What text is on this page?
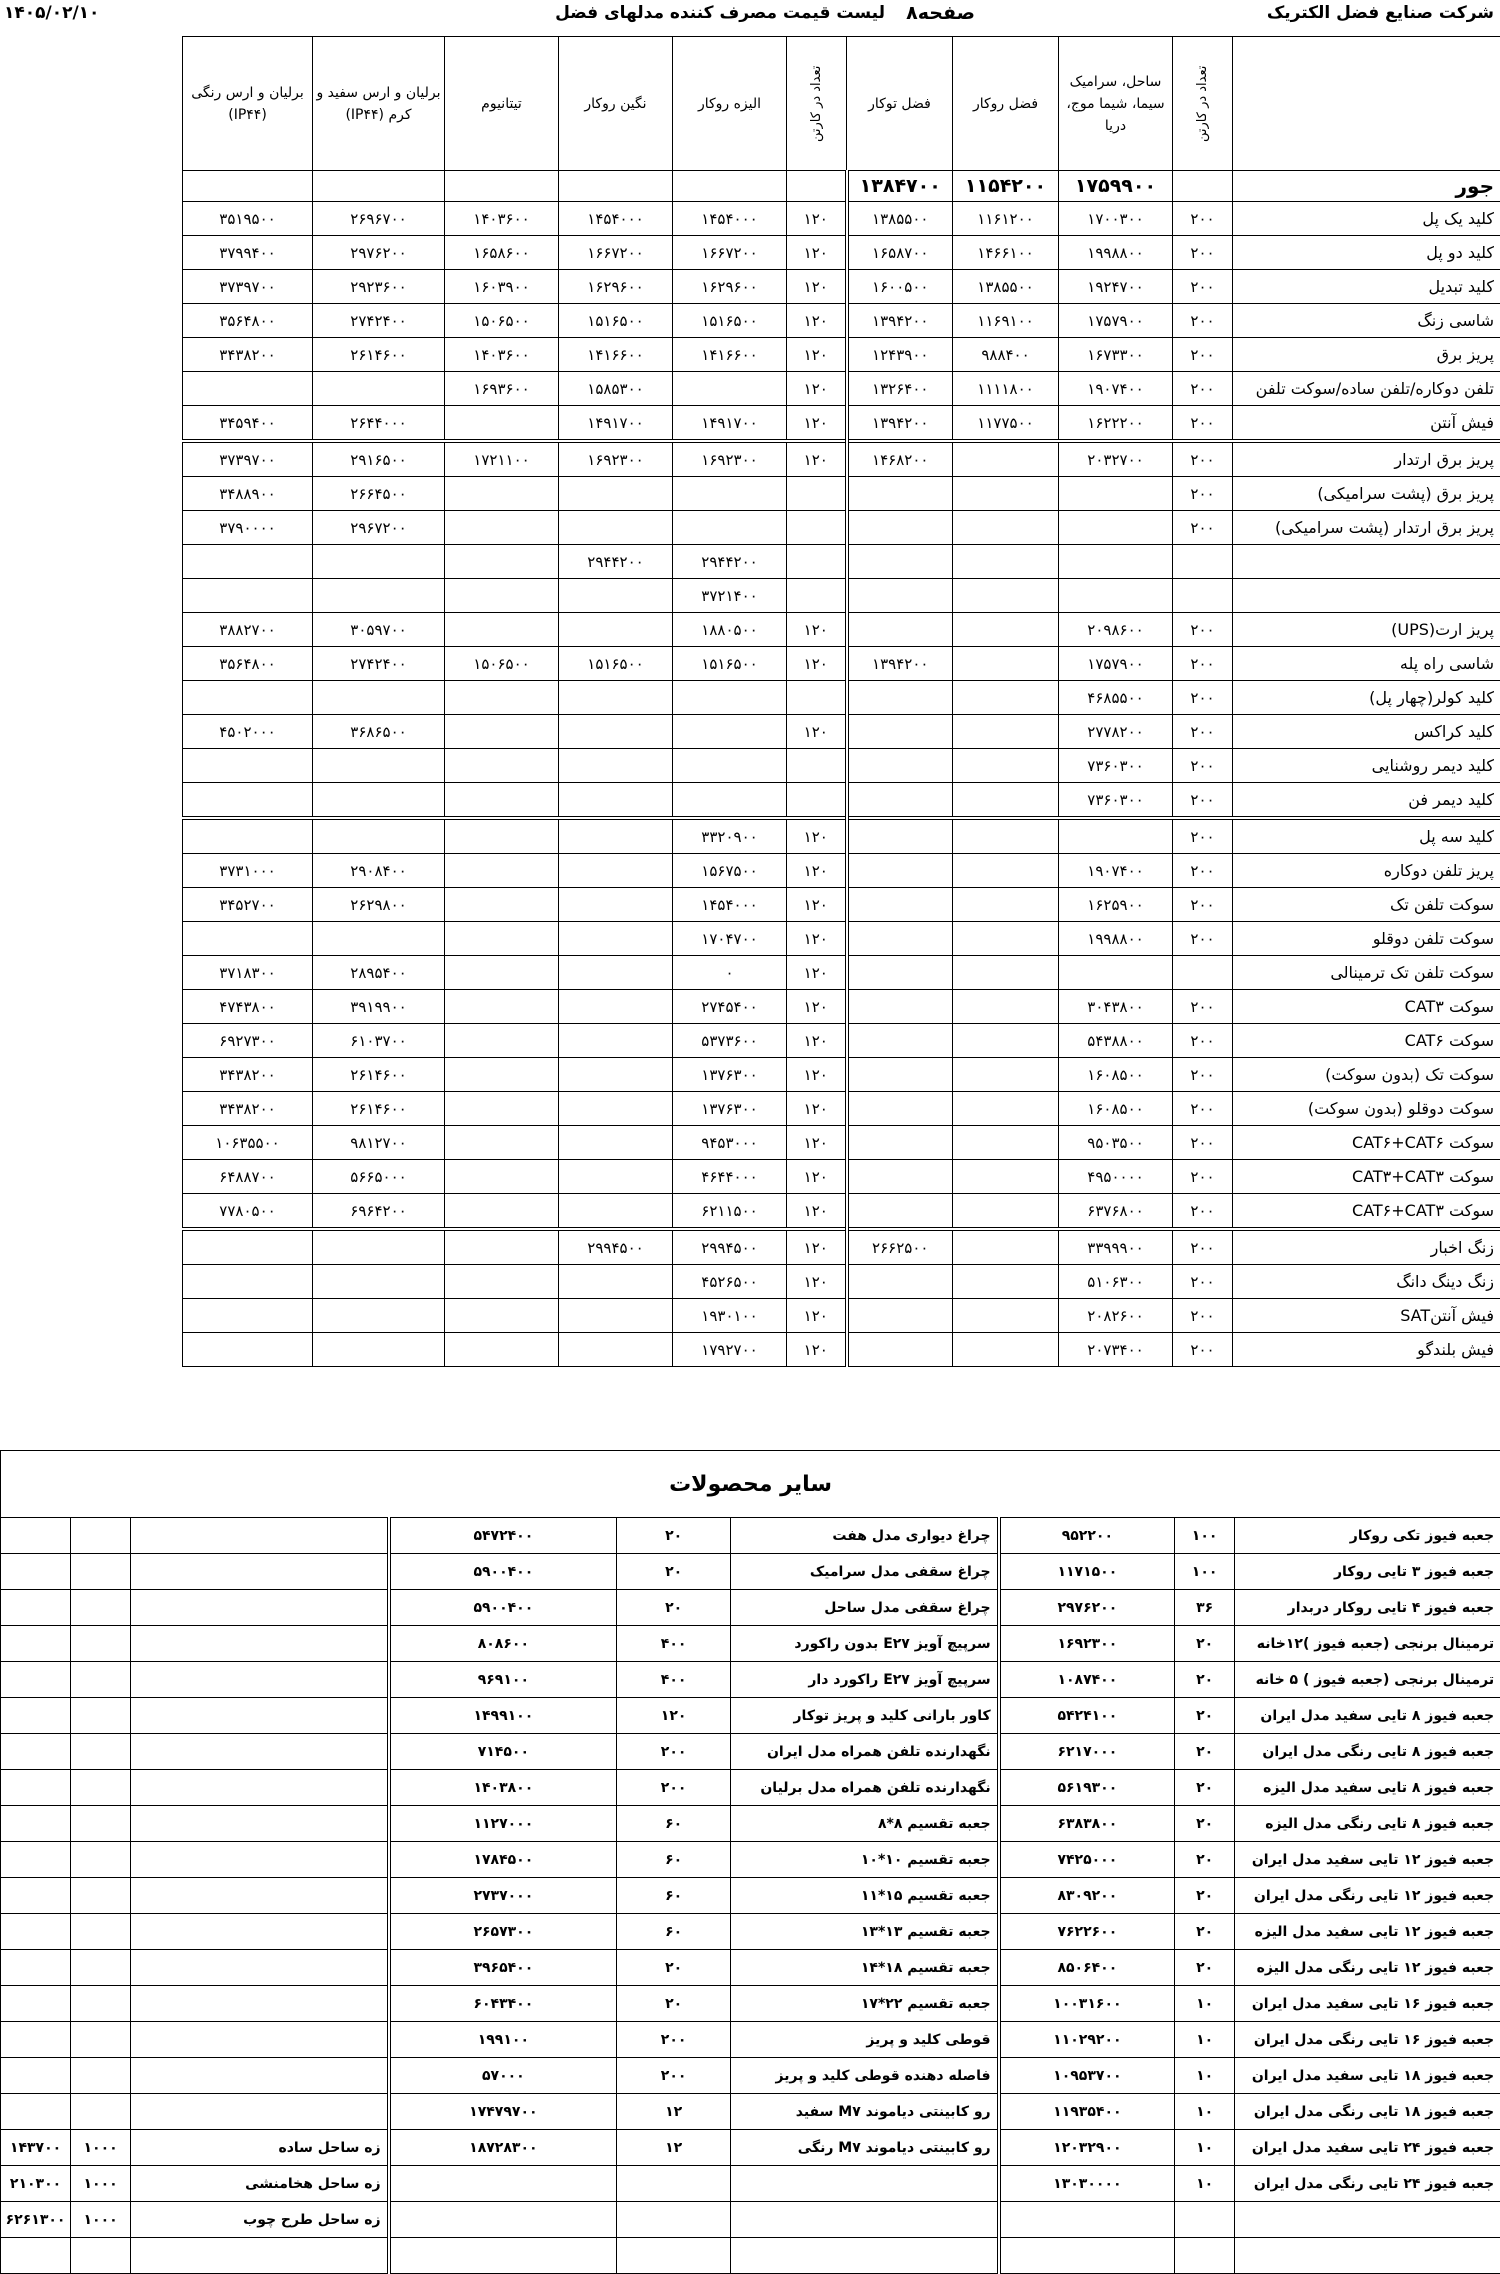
شرکت صنایع فضل الکتریک
صفحه۸
لیست قیمت مصرف کننده مدلهای فضل
۱۴۰۵/۰۲/۱۰
	تعداد در کارتن	ساحل، سرامیک سیما، شیما موج، دریا	فضل روکار	فضل توکار	تعداد در کارتن	الیزه روکار	نگین روکار	تیتانیوم	برلیان و ارس سفید و کرم (IP۴۴)	برلیان و ارس رنگی (IP۴۴)
جور		۱۷۵۹۹۰۰	۱۱۵۴۲۰۰	۱۳۸۴۷۰۰						
کلید یک پل	۲۰۰	۱۷۰۰۳۰۰	۱۱۶۱۲۰۰	۱۳۸۵۵۰۰	۱۲۰	۱۴۵۴۰۰۰	۱۴۵۴۰۰۰	۱۴۰۳۶۰۰	۲۶۹۶۷۰۰	۳۵۱۹۵۰۰
کلید دو پل	۲۰۰	۱۹۹۸۸۰۰	۱۴۶۶۱۰۰	۱۶۵۸۷۰۰	۱۲۰	۱۶۶۷۲۰۰	۱۶۶۷۲۰۰	۱۶۵۸۶۰۰	۲۹۷۶۲۰۰	۳۷۹۹۴۰۰
کلید تبدیل	۲۰۰	۱۹۲۴۷۰۰	۱۳۸۵۵۰۰	۱۶۰۰۵۰۰	۱۲۰	۱۶۲۹۶۰۰	۱۶۲۹۶۰۰	۱۶۰۳۹۰۰	۲۹۲۳۶۰۰	۳۷۳۹۷۰۰
شاسی زنگ	۲۰۰	۱۷۵۷۹۰۰	۱۱۶۹۱۰۰	۱۳۹۴۲۰۰	۱۲۰	۱۵۱۶۵۰۰	۱۵۱۶۵۰۰	۱۵۰۶۵۰۰	۲۷۴۲۴۰۰	۳۵۶۴۸۰۰
پریز برق	۲۰۰	۱۶۷۳۳۰۰	۹۸۸۴۰۰	۱۲۴۳۹۰۰	۱۲۰	۱۴۱۶۶۰۰	۱۴۱۶۶۰۰	۱۴۰۳۶۰۰	۲۶۱۴۶۰۰	۳۴۳۸۲۰۰
تلفن دوکاره/تلفن ساده/سوکت تلفن	۲۰۰	۱۹۰۷۴۰۰	۱۱۱۱۸۰۰	۱۳۲۶۴۰۰	۱۲۰		۱۵۸۵۳۰۰	۱۶۹۳۶۰۰		
فیش آنتن	۲۰۰	۱۶۲۲۲۰۰	۱۱۷۷۵۰۰	۱۳۹۴۲۰۰	۱۲۰	۱۴۹۱۷۰۰	۱۴۹۱۷۰۰		۲۶۴۴۰۰۰	۳۴۵۹۴۰۰
پریز برق ارتدار	۲۰۰	۲۰۳۲۷۰۰		۱۴۶۸۲۰۰	۱۲۰	۱۶۹۲۳۰۰	۱۶۹۲۳۰۰	۱۷۲۱۱۰۰	۲۹۱۶۵۰۰	۳۷۳۹۷۰۰
پریز برق (پشت سرامیکی)	۲۰۰								۲۶۶۴۵۰۰	۳۴۸۸۹۰۰
پریز برق ارتدار (پشت سرامیکی)	۲۰۰								۲۹۶۷۲۰۰	۳۷۹۰۰۰۰
						۲۹۴۴۲۰۰	۲۹۴۴۲۰۰			
						۳۷۲۱۴۰۰				
پریز ارت(UPS)	۲۰۰	۲۰۹۸۶۰۰			۱۲۰	۱۸۸۰۵۰۰			۳۰۵۹۷۰۰	۳۸۸۲۷۰۰
شاسی راه پله	۲۰۰	۱۷۵۷۹۰۰		۱۳۹۴۲۰۰	۱۲۰	۱۵۱۶۵۰۰	۱۵۱۶۵۰۰	۱۵۰۶۵۰۰	۲۷۴۲۴۰۰	۳۵۶۴۸۰۰
کلید کولر(چهار پل)	۲۰۰	۴۶۸۵۵۰۰								
کلید کراکس	۲۰۰	۲۷۷۸۲۰۰			۱۲۰				۳۶۸۶۵۰۰	۴۵۰۲۰۰۰
کلید دیمر روشنایی	۲۰۰	۷۳۶۰۳۰۰								
کلید دیمر فن	۲۰۰	۷۳۶۰۳۰۰								
کلید سه پل	۲۰۰				۱۲۰	۳۳۲۰۹۰۰				
پریز تلفن دوکاره	۲۰۰	۱۹۰۷۴۰۰			۱۲۰	۱۵۶۷۵۰۰			۲۹۰۸۴۰۰	۳۷۳۱۰۰۰
سوکت تلفن تک	۲۰۰	۱۶۲۵۹۰۰			۱۲۰	۱۴۵۴۰۰۰			۲۶۲۹۸۰۰	۳۴۵۲۷۰۰
سوکت تلفن دوقلو	۲۰۰	۱۹۹۸۸۰۰			۱۲۰	۱۷۰۴۷۰۰				
سوکت تلفن تک ترمینالی					۱۲۰	۰			۲۸۹۵۴۰۰	۳۷۱۸۳۰۰
سوکت CAT۳	۲۰۰	۳۰۴۳۸۰۰			۱۲۰	۲۷۴۵۴۰۰			۳۹۱۹۹۰۰	۴۷۴۳۸۰۰
سوکت CAT۶	۲۰۰	۵۴۳۸۸۰۰			۱۲۰	۵۳۷۳۶۰۰			۶۱۰۳۷۰۰	۶۹۲۷۳۰۰
سوکت تک (بدون سوکت)	۲۰۰	۱۶۰۸۵۰۰			۱۲۰	۱۳۷۶۳۰۰			۲۶۱۴۶۰۰	۳۴۳۸۲۰۰
سوکت دوقلو (بدون سوکت)	۲۰۰	۱۶۰۸۵۰۰			۱۲۰	۱۳۷۶۳۰۰			۲۶۱۴۶۰۰	۳۴۳۸۲۰۰
سوکت CAT۶+CAT۶	۲۰۰	۹۵۰۳۵۰۰			۱۲۰	۹۴۵۳۰۰۰			۹۸۱۲۷۰۰	۱۰۶۳۵۵۰۰
سوکت CAT۳+CAT۳	۲۰۰	۴۹۵۰۰۰۰			۱۲۰	۴۶۴۴۰۰۰			۵۶۶۵۰۰۰	۶۴۸۸۷۰۰
سوکت CAT۶+CAT۳	۲۰۰	۶۳۷۶۸۰۰			۱۲۰	۶۲۱۱۵۰۰			۶۹۶۴۲۰۰	۷۷۸۰۵۰۰
زنگ اخبار	۲۰۰	۳۳۹۹۹۰۰		۲۶۶۲۵۰۰	۱۲۰	۲۹۹۴۵۰۰	۲۹۹۴۵۰۰			
زنگ دینگ دانگ	۲۰۰	۵۱۰۶۳۰۰			۱۲۰	۴۵۲۶۵۰۰				
فیش آنتنSAT	۲۰۰	۲۰۸۲۶۰۰			۱۲۰	۱۹۳۰۱۰۰				
فیش بلندگو	۲۰۰	۲۰۷۳۴۰۰			۱۲۰	۱۷۹۲۷۰۰				
سایر محصولات								
جعبه فیوز تکی روکار	۱۰۰	۹۵۲۲۰۰	چراغ دیواری مدل هفت	۲۰	۵۴۷۲۴۰۰			
جعبه فیوز ۳ تایی روکار	۱۰۰	۱۱۷۱۵۰۰	چراغ سقفی مدل سرامیک	۲۰	۵۹۰۰۴۰۰			
جعبه فیوز ۴ تایی روکار دربدار	۳۶	۲۹۷۶۲۰۰	چراغ سقفی مدل ساحل	۲۰	۵۹۰۰۴۰۰			
ترمینال برنجی (جعبه فیوز )۱۲خانه	۲۰	۱۶۹۲۳۰۰	سرپیچ آویز E۲۷ بدون راکورد	۴۰۰	۸۰۸۶۰۰			
ترمینال برنجی (جعبه فیوز ) ۵ خانه	۲۰	۱۰۸۷۴۰۰	سرپیچ آویز E۲۷ راکورد دار	۴۰۰	۹۶۹۱۰۰			
جعبه فیوز ۸ تایی سفید مدل ایران	۲۰	۵۴۲۴۱۰۰	کاور بارانی کلید و پریز توکار	۱۲۰	۱۴۹۹۱۰۰			
جعبه فیوز ۸ تایی رنگی مدل ایران	۲۰	۶۲۱۷۰۰۰	نگهدارنده تلفن همراه مدل ایران	۲۰۰	۷۱۴۵۰۰			
جعبه فیوز ۸ تایی سفید مدل الیزه	۲۰	۵۶۱۹۳۰۰	نگهدارنده تلفن همراه مدل برلیان	۲۰۰	۱۴۰۳۸۰۰			
جعبه فیوز ۸ تایی رنگی مدل الیزه	۲۰	۶۳۸۳۸۰۰	جعبه تقسیم ۸*۸	۶۰	۱۱۲۷۰۰۰			
جعبه فیوز ۱۲ تایی سفید مدل ایران	۲۰	۷۴۲۵۰۰۰	جعبه تقسیم ۱۰*۱۰	۶۰	۱۷۸۴۵۰۰			
جعبه فیوز ۱۲ تایی رنگی مدل ایران	۲۰	۸۳۰۹۲۰۰	جعبه تقسیم ۱۵*۱۱	۶۰	۲۷۳۷۰۰۰			
جعبه فیوز ۱۲ تایی سفید مدل الیزه	۲۰	۷۶۲۲۶۰۰	جعبه تقسیم ۱۳*۱۳	۶۰	۲۶۵۷۳۰۰			
جعبه فیوز ۱۲ تایی رنگی مدل الیزه	۲۰	۸۵۰۶۴۰۰	جعبه تقسیم ۱۸*۱۴	۲۰	۳۹۶۵۴۰۰			
جعبه فیوز ۱۶ تایی سفید مدل ایران	۱۰	۱۰۰۳۱۶۰۰	جعبه تقسیم ۲۲*۱۷	۲۰	۶۰۴۳۴۰۰			
جعبه فیوز ۱۶ تایی رنگی مدل ایران	۱۰	۱۱۰۲۹۲۰۰	قوطی کلید و پریز	۲۰۰	۱۹۹۱۰۰			
جعبه فیوز ۱۸ تایی سفید مدل ایران	۱۰	۱۰۹۵۳۷۰۰	فاصله دهنده قوطی کلید و پریز	۲۰۰	۵۷۰۰۰			
جعبه فیوز ۱۸ تایی رنگی مدل ایران	۱۰	۱۱۹۳۵۴۰۰	رو کابینتی دیاموند M۷ سفید	۱۲	۱۷۴۷۹۷۰۰			
جعبه فیوز ۲۴ تایی سفید مدل ایران	۱۰	۱۲۰۳۲۹۰۰	رو کابینتی دیاموند M۷ رنگی	۱۲	۱۸۷۲۸۳۰۰	زه ساحل ساده	۱۰۰۰	۱۴۳۷۰۰
جعبه فیوز ۲۴ تایی رنگی مدل ایران	۱۰	۱۳۰۳۰۰۰۰				زه ساحل هخامنشی	۱۰۰۰	۲۱۰۳۰۰
						زه ساحل طرح چوب	۱۰۰۰	۶۲۶۱۳۰۰
